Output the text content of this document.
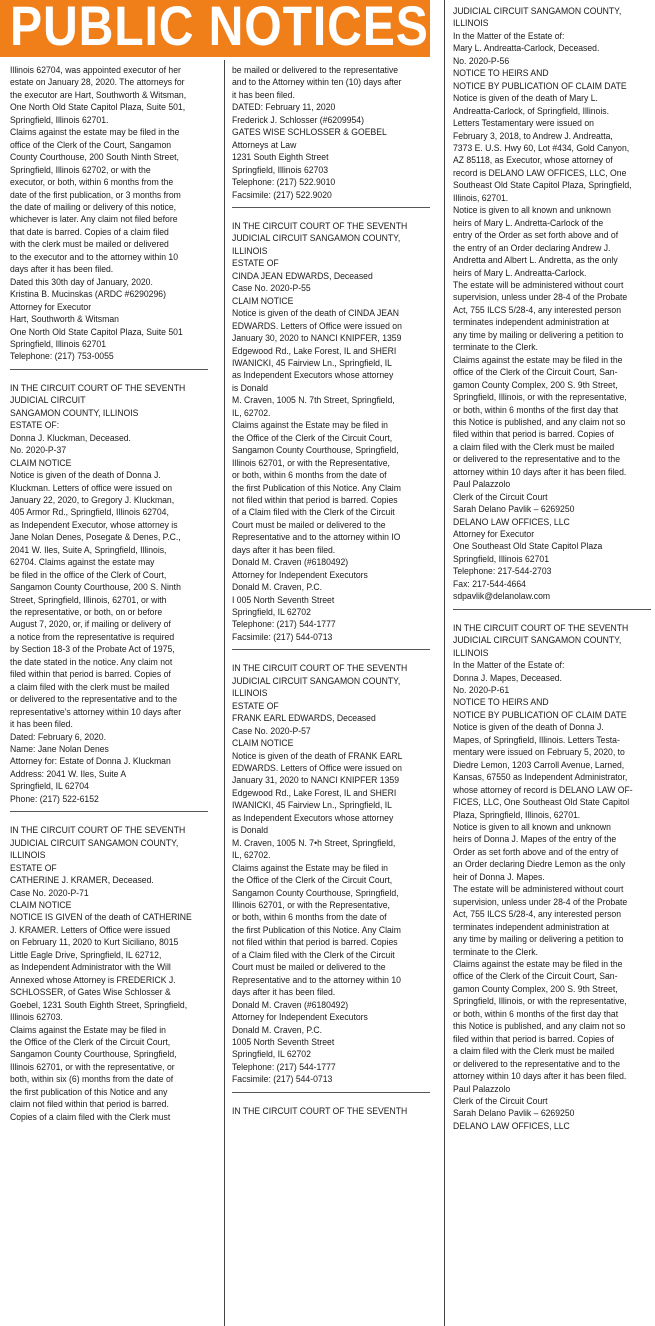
PUBLIC NOTICES
Illinois 62704, was appointed executor of her
estate on January 28, 2020. The attorneys for
the executor are Hart, Southworth & Witsman,
One North Old State Capitol Plaza, Suite 501,
Springfield, Illinois 62701.
Claims against the estate may be filed in the
office of the Clerk of the Court, Sangamon
County Courthouse, 200 South Ninth Street,
Springfield, Illinois 62702, or with the
executor, or both, within 6 months from the
date of the first publication, or 3 months from
the date of mailing or delivery of this notice,
whichever is later. Any claim not filed before
that date is barred. Copies of a claim filed
with the clerk must be mailed or delivered
to the executor and to the attorney within 10
days after it has been filed.
Dated this 30th day of January, 2020.
Kristina B. Mucinskas (ARDC #6290296)
Attorney for Executor
Hart, Southworth & Witsman
One North Old State Capitol Plaza, Suite 501
Springfield, Illinois 62701
Telephone: (217) 753-0055
IN THE CIRCUIT COURT OF THE SEVENTH
JUDICIAL CIRCUIT
SANGAMON COUNTY, ILLINOIS
ESTATE OF:
Donna J. Kluckman, Deceased.
No. 2020-P-37
CLAIM NOTICE
Notice is given of the death of Donna J.
Kluckman. Letters of office were issued on
January 22, 2020, to Gregory J. Kluckman,
405 Armor Rd., Springfield, Illinois 62704,
as Independent Executor, whose attorney is
Jane Nolan Denes, Posegate & Denes, P.C.,
2041 W. Iles, Suite A, Springfield, Illinois,
62704. Claims against the estate may
be filed in the office of the Clerk of Court,
Sangamon County Courthouse, 200 S. Ninth
Street, Springfield, Illinois, 62701, or with
the representative, or both, on or before
August 7, 2020, or, if mailing or delivery of
a notice from the representative is required
by Section 18-3 of the Probate Act of 1975,
the date stated in the notice. Any claim not
filed within that period is barred. Copies of
a claim filed with the clerk must be mailed
or delivered to the representative and to the
representative's attorney within 10 days after
it has been filed.
Dated: February 6, 2020.
Name: Jane Nolan Denes
Attorney for: Estate of Donna J. Kluckman
Address: 2041 W. Iles, Suite A
Springfield, IL 62704
Phone: (217) 522-6152
IN THE CIRCUIT COURT OF THE SEVENTH
JUDICIAL CIRCUIT SANGAMON COUNTY,
ILLINOIS
ESTATE OF
CATHERINE J. KRAMER, Deceased.
Case No. 2020-P-71
CLAIM NOTICE
NOTICE IS GIVEN of the death of CATHERINE
J. KRAMER. Letters of Office were issued
on February 11, 2020 to Kurt Siciliano, 8015
Little Eagle Drive, Springfield, IL 62712,
as Independent Administrator with the Will
Annexed whose Attorney is FREDERICK J.
SCHLOSSER, of Gates Wise Schlosser &
Goebel, 1231 South Eighth Street, Springfield,
Illinois 62703.
Claims against the Estate may be filed in
the Office of the Clerk of the Circuit Court,
Sangamon County Courthouse, Springfield,
Illinois 62701, or with the representative, or
both, within six (6) months from the date of
the first publication of this Notice and any
claim not filed within that period is barred.
Copies of a claim filed with the Clerk must
be mailed or delivered to the representative
and to the Attorney within ten (10) days after
it has been filed.
DATED: February 11, 2020
Frederick J. Schlosser (#6209954)
GATES WISE SCHLOSSER & GOEBEL
Attorneys at Law
1231 South Eighth Street
Springfield, Illinois 62703
Telephone: (217) 522.9010
Facsimile: (217) 522.9020
IN THE CIRCUIT COURT OF THE SEVENTH
JUDICIAL CIRCUIT SANGAMON COUNTY,
ILLINOIS
ESTATE OF
CINDA JEAN EDWARDS, Deceased
Case No. 2020-P-55
CLAIM NOTICE
Notice is given of the death of CINDA JEAN
EDWARDS. Letters of Office were issued on
January 30, 2020 to NANCI KNIPFER, 1359
Edgewood Rd., Lake Forest, IL and SHERI
IWANICKI, 45 Fairview Ln., Springfield, IL
as Independent Executors whose attorney
is Donald
M. Craven, 1005 N. 7th Street, Springfield,
IL, 62702.
Claims against the Estate may be filed in
the Office of the Clerk of the Circuit Court,
Sangamon County Courthouse, Springfield,
Illinois 62701, or with the Representative,
or both, within 6 months from the date of
the first Publication of this Notice. Any Claim
not filed within that period is barred. Copies
of a Claim filed with the Clerk of the Circuit
Court must be mailed or delivered to the
Representative and to the attorney within IO
days after it has been filed.
Donald M. Craven (#6180492)
Attorney for Independent Executors
Donald M. Craven, P.C.
I 005 North Seventh Street
Springfield, IL 62702
Telephone: (217) 544-1777
Facsimile: (217) 544-0713
IN THE CIRCUIT COURT OF THE SEVENTH
JUDICIAL CIRCUIT SANGAMON COUNTY,
ILLINOIS
ESTATE OF
FRANK EARL EDWARDS, Deceased
Case No. 2020-P-57
CLAIM NOTICE
Notice is given of the death of FRANK EARL
EDWARDS. Letters of Office were issued on
January 31, 2020 to NANCI KNIPFER 1359
Edgewood Rd., Lake Forest, IL and SHERI
IWANICKI, 45 Fairview Ln., Springfield, IL
as Independent Executors whose attorney
is Donald
M. Craven, 1005 N. 7•h Street, Springfield,
IL, 62702.
Claims against the Estate may be filed in
the Office of the Clerk of the Circuit Court,
Sangamon County Courthouse, Springfield,
Illinois 62701, or with the Representative,
or both, within 6 months from the date of
the first Publication of this Notice. Any Claim
not filed within that period is barred. Copies
of a Claim filed with the Clerk of the Circuit
Court must be mailed or delivered to the
Representative and to the attorney within 10
days after it has been filed.
Donald M. Craven (#6180492)
Attorney for Independent Executors
Donald M. Craven, P.C.
1005 North Seventh Street
Springfield, IL 62702
Telephone: (217) 544-1777
Facsimile: (217) 544-0713
IN THE CIRCUIT COURT OF THE SEVENTH
JUDICIAL CIRCUIT SANGAMON COUNTY,
ILLINOIS
In the Matter of the Estate of:
Mary L. Andreatta-Carlock, Deceased.
No. 2020-P-56
NOTICE TO HEIRS AND
NOTICE BY PUBLICATION OF CLAIM DATE
Notice is given of the death of Mary L.
Andreatta-Carlock, of Springfield, Illinois.
Letters Testamentary were issued on
February 3, 2018, to Andrew J. Andreatta,
7373 E. U.S. Hwy 60, Lot #434, Gold Canyon,
AZ 85118, as Executor, whose attorney of
record is DELANO LAW OFFICES, LLC, One
Southeast Old State Capitol Plaza, Springfield,
Illinois, 62701.
Notice is given to all known and unknown
heirs of Mary L. Andretta-Carlock of the
entry of the Order as set forth above and of
the entry of an Order declaring Andrew J.
Andretta and Albert L. Andretta, as the only
heirs of Mary L. Andreatta-Carlock.
The estate will be administered without court
supervision, unless under 28-4 of the Probate
Act, 755 ILCS 5/28-4, any interested person
terminates independent administration at
any time by mailing or delivering a petition to
terminate to the Clerk.
Claims against the estate may be filed in the
office of the Clerk of the Circuit Court, San-
gamon County Complex, 200 S. 9th Street,
Springfield, Illinois, or with the representative,
or both, within 6 months of the first day that
this Notice is published, and any claim not so
filed within that period is barred. Copies of
a claim filed with the Clerk must be mailed
or delivered to the representative and to the
attorney within 10 days after it has been filed.
Paul Palazzolo
Clerk of the Circuit Court
Sarah Delano Pavlik – 6269250
DELANO LAW OFFICES, LLC
Attorney for Executor
One Southeast Old State Capitol Plaza
Springfield, Illinois 62701
Telephone: 217-544-2703
Fax: 217-544-4664
sdpavlik@delanolaw.com
IN THE CIRCUIT COURT OF THE SEVENTH
JUDICIAL CIRCUIT SANGAMON COUNTY,
ILLINOIS
In the Matter of the Estate of:
Donna J. Mapes, Deceased.
No. 2020-P-61
NOTICE TO HEIRS AND
NOTICE BY PUBLICATION OF CLAIM DATE
Notice is given of the death of Donna J.
Mapes, of Springfield, Illinois. Letters Testa-
mentary were issued on February 5, 2020, to
Diedre Lemon, 1203 Carroll Avenue, Larned,
Kansas, 67550 as Independent Administrator,
whose attorney of record is DELANO LAW OF-
FICES, LLC, One Southeast Old State Capitol
Plaza, Springfield, Illinois, 62701.
Notice is given to all known and unknown
heirs of Donna J. Mapes of the entry of the
Order as set forth above and of the entry of
an Order declaring Diedre Lemon as the only
heir of Donna J. Mapes.
The estate will be administered without court
supervision, unless under 28-4 of the Probate
Act, 755 ILCS 5/28-4, any interested person
terminates independent administration at
any time by mailing or delivering a petition to
terminate to the Clerk.
Claims against the estate may be filed in the
office of the Clerk of the Circuit Court, San-
gamon County Complex, 200 S. 9th Street,
Springfield, Illinois, or with the representative,
or both, within 6 months of the first day that
this Notice is published, and any claim not so
filed within that period is barred. Copies of
a claim filed with the Clerk must be mailed
or delivered to the representative and to the
attorney within 10 days after it has been filed.
Paul Palazzolo
Clerk of the Circuit Court
Sarah Delano Pavlik – 6269250
DELANO LAW OFFICES, LLC
